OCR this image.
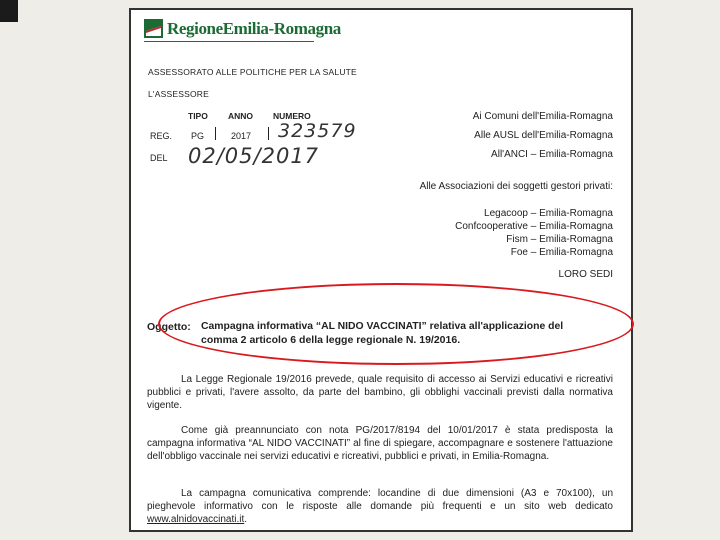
RegioneEmilia-Romagna
ASSESSORATO ALLE POLITICHE PER LA SALUTE
L'ASSESSORE
TIPO ANNO NUMERO
REG. PG	2017 323579
DEL 02/05/2017
Ai Comuni dell'Emilia-Romagna
Alle AUSL dell'Emilia-Romagna
All'ANCI – Emilia-Romagna
Alle Associazioni dei soggetti gestori privati:
Legacoop – Emilia-Romagna
Confcooperative – Emilia-Romagna
Fism – Emilia-Romagna
Foe – Emilia-Romagna
LORO SEDI
Oggetto: Campagna informativa “AL NIDO VACCINATI” relativa all'applicazione del
comma 2 articolo 6 della legge regionale N. 19/2016.
La Legge Regionale 19/2016 prevede, quale requisito di accesso ai Servizi educativi e ricreativi pubblici e privati, l'avere assolto, da parte del bambino, gli obblighi vaccinali previsti dalla normativa vigente.
Come già preannunciato con nota PG/2017/8194 del 10/01/2017 è stata predisposta la campagna informativa “AL NIDO VACCINATI” al fine di spiegare, accompagnare e sostenere l'attuazione dell'obbligo vaccinale nei servizi educativi e ricreativi, pubblici e privati, in Emilia-Romagna.
La campagna comunicativa comprende: locandine di due dimensioni (A3 e 70x100), un pieghevole informativo con le risposte alle domande più frequenti e un sito web dedicato www.alnidovaccinati.it.
